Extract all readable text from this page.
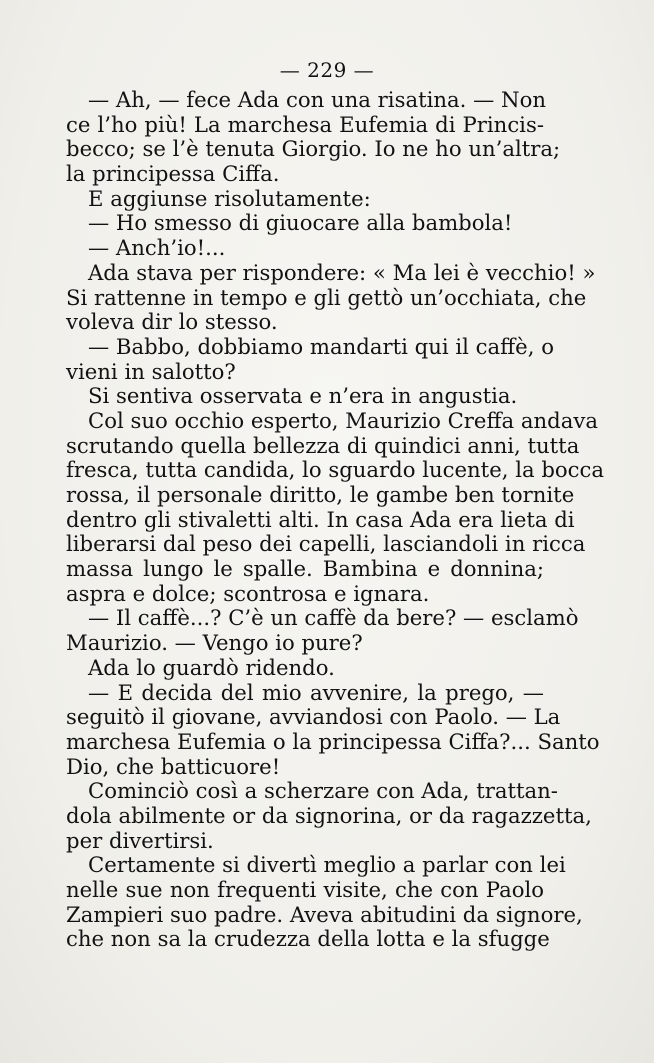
— 229 —
— Ah, — fece Ada con una risatina. — Non
ce l’ho più! La marchesa Eufemia di Princis-
becco; se l’è tenuta Giorgio. Io ne ho un’altra;
la principessa Ciffa.
E aggiunse risolutamente:
— Ho smesso di giuocare alla bambola!
— Anch’io!...
Ada stava per rispondere: « Ma lei è vecchio! »
Si rattenne in tempo e gli gettò un’occhiata, che
voleva dir lo stesso.
— Babbo, dobbiamo mandarti qui il caffè, o
vieni in salotto?
Si sentiva osservata e n’era in angustia.
Col suo occhio esperto, Maurizio Creffa andava
scrutando quella bellezza di quindici anni, tutta
fresca, tutta candida, lo sguardo lucente, la bocca
rossa, il personale diritto, le gambe ben tornite
dentro gli stivaletti alti. In casa Ada era lieta di
liberarsi dal peso dei capelli, lasciandoli in ricca
massa lungo le spalle. Bambina e donnina;
aspra e dolce; scontrosa e ignara.
— Il caffè...? C’è un caffè da bere? — esclamò
Maurizio. — Vengo io pure?
Ada lo guardò ridendo.
— E decida del mio avvenire, la prego, —
seguitò il giovane, avviandosi con Paolo. — La
marchesa Eufemia o la principessa Ciffa?... Santo
Dio, che batticuore!
Cominciò così a scherzare con Ada, trattan-
dola abilmente or da signorina, or da ragazzetta,
per divertirsi.
Certamente si divertì meglio a parlar con lei
nelle sue non frequenti visite, che con Paolo
Zampieri suo padre. Aveva abitudini da signore,
che non sa la crudezza della lotta e la sfugge
